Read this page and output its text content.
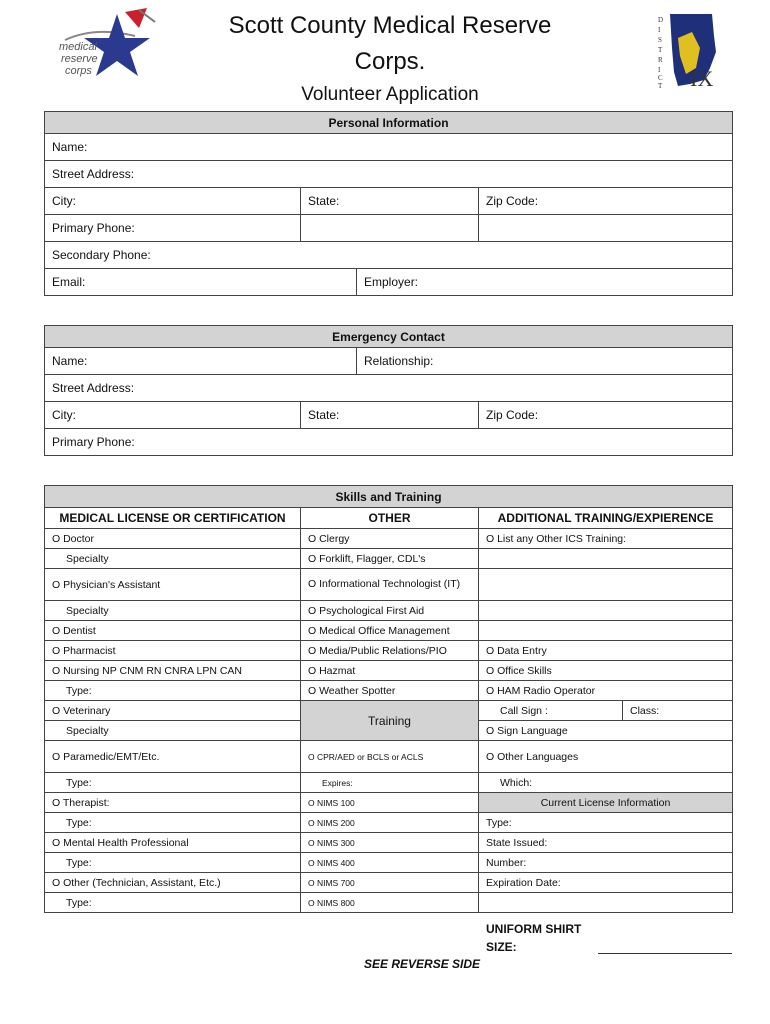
medical
reserve
corps
Scott County Medical Reserve
Corps.
Volunteer Application
D
I
S
T
R
I
C
T IX
Personal Information			
Name:			
Street Address:			
City:	State:		Zip Code:
Primary Phone:			
Secondary Phone:			
Email:		Employer:	
Emergency Contact			
Name:		Relationship:	
Street Address:			
City:	State:		Zip Code:
Primary Phone:			
Skills and Training			
MEDICAL LICENSE OR CERTIFICATION	OTHER	ADDITIONAL TRAINING/EXPIERENCE	
O Doctor	O Clergy	O List any Other ICS Training:	
Specialty	O Forklift, Flagger, CDL's		
O Physician's Assistant	O Informational Technologist (IT)		
Specialty	O Psychological First Aid		
O Dentist	O Medical Office Management		
O Pharmacist	O Media/Public Relations/PIO	O Data Entry	
O Nursing NP CNM RN CNRA LPN CAN	O Hazmat	O Office Skills	
Type:	O Weather Spotter	O HAM Radio Operator	
O Veterinary	Training	Call Sign :	Class:
Specialty		O Sign Language	
O Paramedic/EMT/Etc.	O CPR/AED or BCLS or ACLS	O Other Languages	
Type:	Expires:	Which:	
O Therapist:	O NIMS 100	Current License Information	
Type:	O NIMS 200	Type:	
O Mental Health Professional	O NIMS 300	State Issued:	
Type:	O NIMS 400	Number:	
O Other (Technician, Assistant, Etc.)	O NIMS 700	Expiration Date:	
Type:	O NIMS 800		
UNIFORM SHIRT
SIZE:
SEE REVERSE SIDE
